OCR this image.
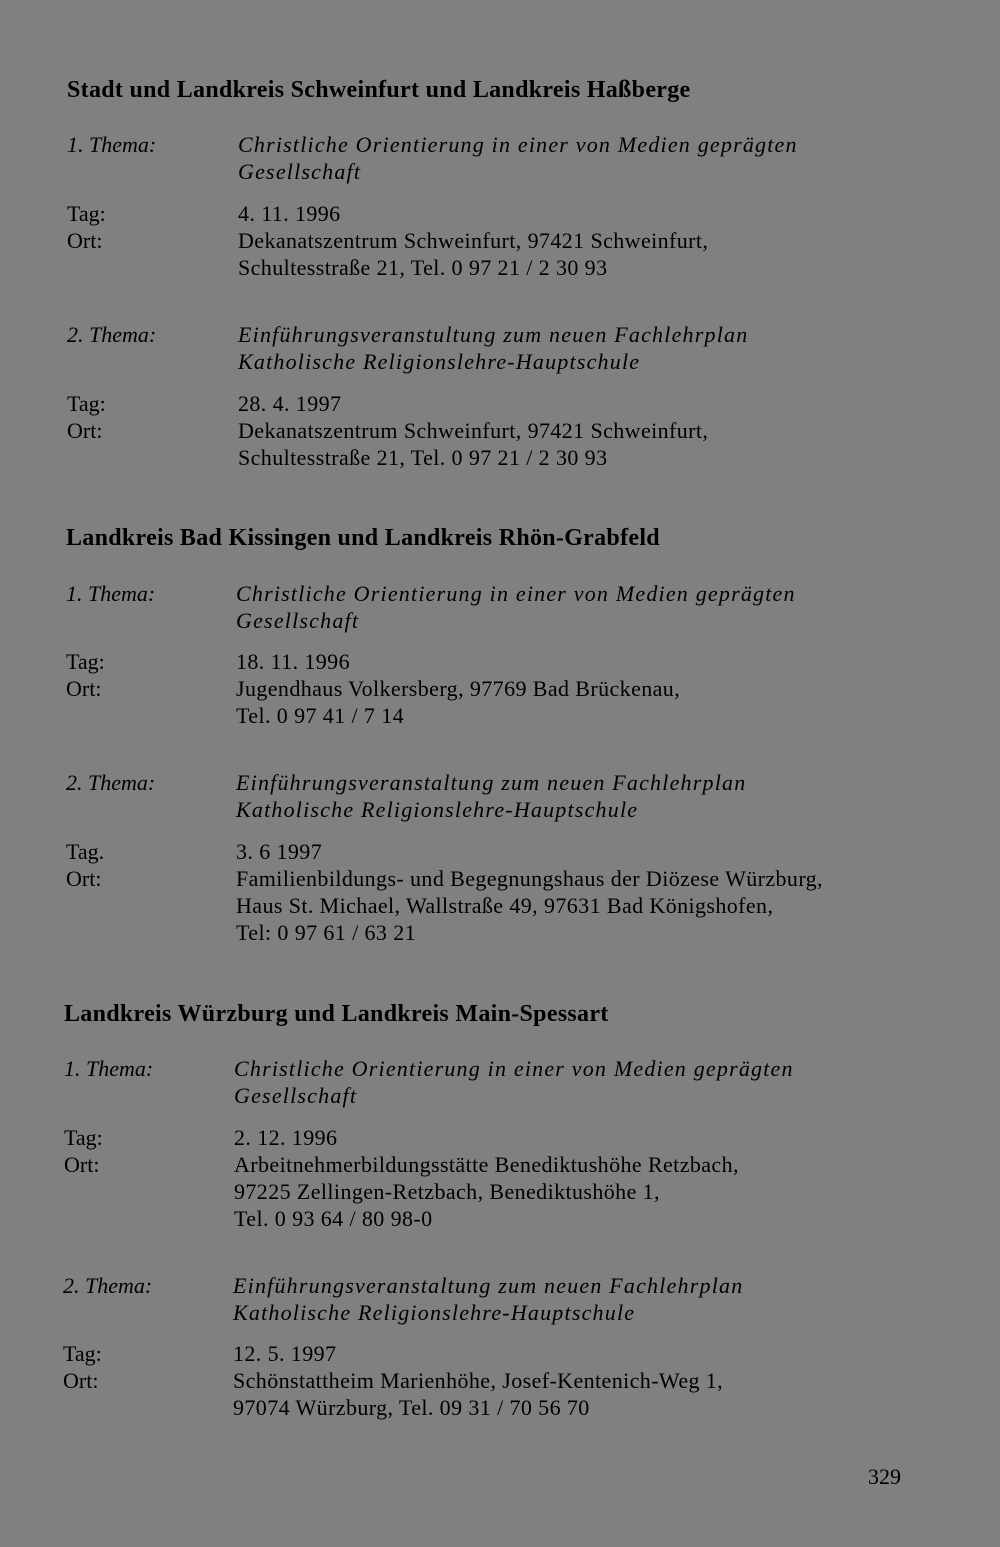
Stadt und Landkreis Schweinfurt und Landkreis Haßberge
1. Thema:	Christliche Orientierung in einer von Medien geprägten
Gesellschaft
Tag:	4. 11. 1996
Ort:	Dekanatszentrum Schweinfurt, 97421 Schweinfurt,
Schultesstraße 21, Tel. 0 97 21 / 2 30 93
2. Thema:	Einführungsveranstultung zum neuen Fachlehrplan
Katholische Religionslehre-Hauptschule
Tag:	28. 4. 1997
Ort:	Dekanatszentrum Schweinfurt, 97421 Schweinfurt,
Schultesstraße 21, Tel. 0 97 21 / 2 30 93
Landkreis Bad Kissingen und Landkreis Rhön-Grabfeld
1. Thema:	Christliche Orientierung in einer von Medien geprägten
Gesellschaft
Tag:	18. 11. 1996
Ort:	Jugendhaus Volkersberg, 97769 Bad Brückenau,
Tel. 0 97 41 / 7 14
2. Thema:	Einführungsveranstaltung zum neuen Fachlehrplan
Katholische Religionslehre-Hauptschule
Tag.	3. 6 1997
Ort:	Familienbildungs- und Begegnungshaus der Diözese Würzburg,
Haus St. Michael, Wallstraße 49, 97631 Bad Königshofen,
Tel: 0 97 61 / 63 21
Landkreis Würzburg und Landkreis Main-Spessart
1. Thema:	Christliche Orientierung in einer von Medien geprägten
Gesellschaft
Tag:	2. 12. 1996
Ort:	Arbeitnehmerbildungsstätte Benediktushöhe Retzbach,
97225 Zellingen-Retzbach, Benediktushöhe 1,
Tel. 0 93 64 / 80 98-0
2. Thema:	Einführungsveranstaltung zum neuen Fachlehrplan
Katholische Religionslehre-Hauptschule
Tag:	12. 5. 1997
Ort:	Schönstattheim Marienhöhe, Josef-Kentenich-Weg 1,
97074 Würzburg, Tel. 09 31 / 70 56 70
329
